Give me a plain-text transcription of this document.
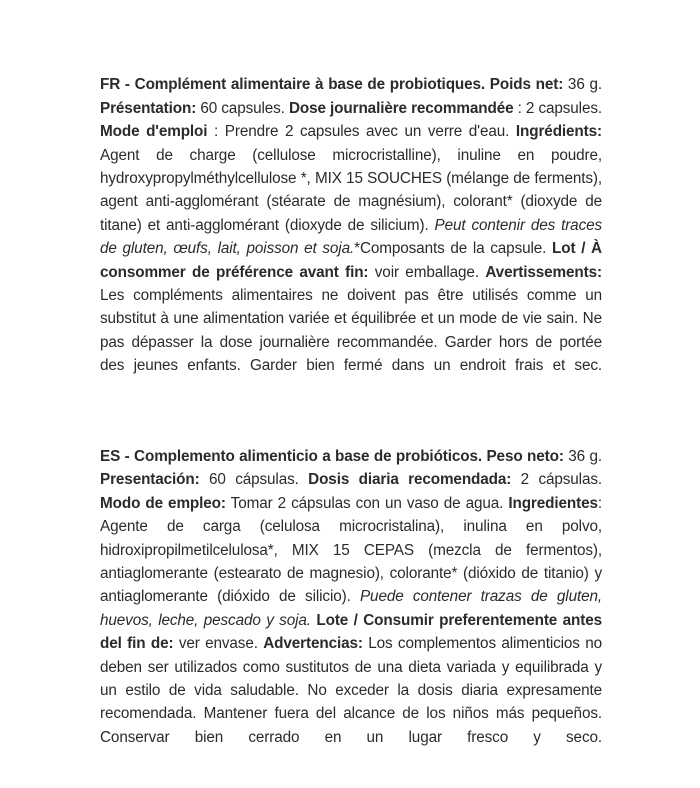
FR - Complément alimentaire à base de probiotiques. Poids net: 36 g. Présentation: 60 capsules. Dose journalière recommandée : 2 capsules. Mode d'emploi : Prendre 2 capsules avec un verre d'eau. Ingrédients: Agent de charge (cellulose microcristalline), inuline en poudre, hydroxypropylméthylcellulose *, MIX 15 SOUCHES (mélange de ferments), agent anti-agglomérant (stéarate de magnésium), colorant* (dioxyde de titane) et anti-agglomérant (dioxyde de silicium). Peut contenir des traces de gluten, œufs, lait, poisson et soja.*Composants de la capsule. Lot / À consommer de préférence avant fin: voir emballage. Avertissements: Les compléments alimentaires ne doivent pas être utilisés comme un substitut à une alimentation variée et équilibrée et un mode de vie sain. Ne pas dépasser la dose journalière recommandée. Garder hors de portée des jeunes enfants. Garder bien fermé dans un endroit frais et sec.

ES - Complemento alimenticio a base de probióticos. Peso neto: 36 g. Presentación: 60 cápsulas. Dosis diaria recomendada: 2 cápsulas. Modo de empleo: Tomar 2 cápsulas con un vaso de agua. Ingredientes: Agente de carga (celulosa microcristalina), inulina en polvo, hidroxipropilmetilcelulosa*, MIX 15 CEPAS (mezcla de fermentos), antiaglomerante (estearato de magnesio), colorante* (dióxido de titanio) y antiaglomerante (dióxido de silicio). Puede contener trazas de gluten, huevos, leche, pescado y soja. Lote / Consumir preferentemente antes del fin de: ver envase. Advertencias: Los complementos alimenticios no deben ser utilizados como sustitutos de una dieta variada y equilibrada y un estilo de vida saludable. No exceder la dosis diaria expresamente recomendada. Mantener fuera del alcance de los niños más pequeños. Conservar bien cerrado en un lugar fresco y seco.
